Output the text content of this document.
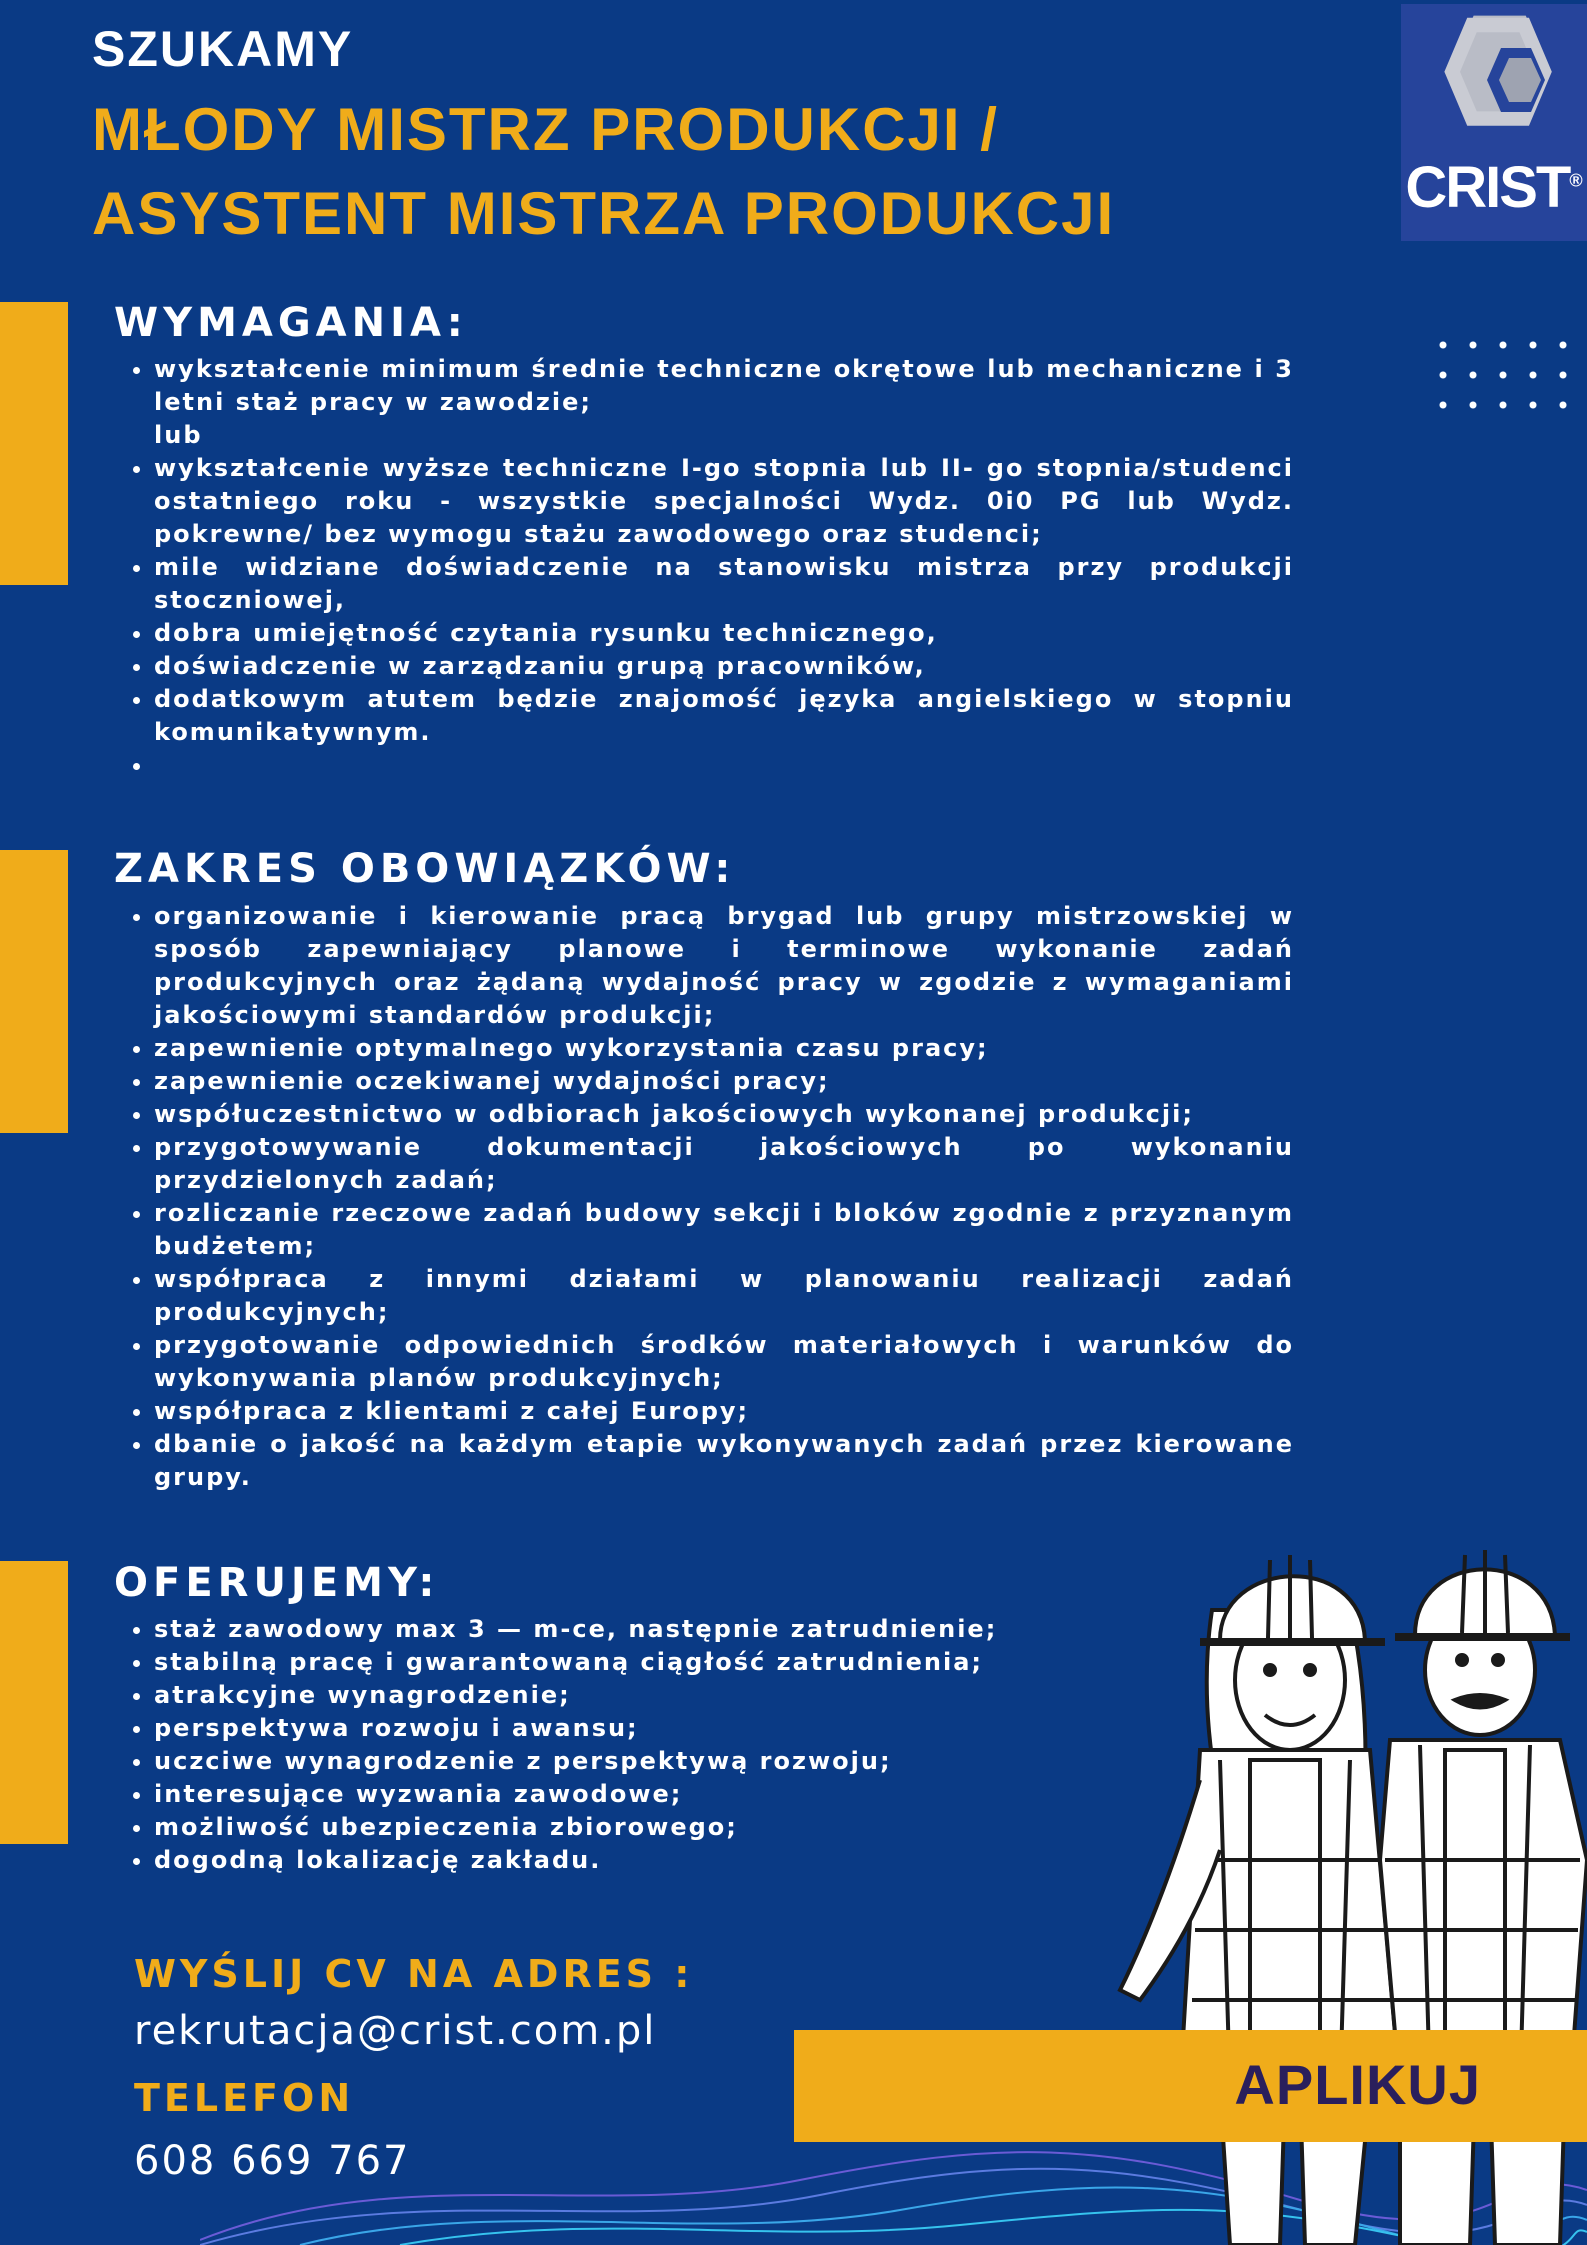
SZUKAMY
MŁODY MISTRZ PRODUKCJI /
ASYSTENT MISTRZA PRODUKCJI	CRIST®
WYMAGANIA:
• wykształcenie minimum średnie techniczne okrętowe lub mechaniczne i 3 letni staż pracy w zawodzie;
lub
• wykształcenie wyższe techniczne I-go stopnia lub II- go stopnia/studenci ostatniego roku - wszystkie specjalności Wydz. 0i0 PG lub Wydz. pokrewne/ bez wymogu stażu zawodowego oraz studenci;
• mile widziane doświadczenie na stanowisku mistrza przy produkcji stoczniowej,
• dobra umiejętność czytania rysunku technicznego,
• doświadczenie w zarządzaniu grupą pracowników,
• dodatkowym atutem będzie znajomość języka angielskiego w stopniu komunikatywnym.
•
ZAKRES OBOWIĄZKÓW:
• organizowanie i kierowanie pracą brygad lub grupy mistrzowskiej w sposób zapewniający planowe i terminowe wykonanie zadań produkcyjnych oraz żądaną wydajność pracy w zgodzie z wymaganiami jakościowymi standardów produkcji;
• zapewnienie optymalnego wykorzystania czasu pracy;
• zapewnienie oczekiwanej wydajności pracy;
• współuczestnictwo w odbiorach jakościowych wykonanej produkcji;
• przygotowywanie dokumentacji jakościowych po wykonaniu przydzielonych zadań;
• rozliczanie rzeczowe zadań budowy sekcji i bloków zgodnie z przyznanym budżetem;
• współpraca z innymi działami w planowaniu realizacji zadań produkcyjnych;
• przygotowanie odpowiednich środków materiałowych i warunków do wykonywania planów produkcyjnych;
• współpraca z klientami z całej Europy;
• dbanie o jakość na każdym etapie wykonywanych zadań przez kierowane grupy.
OFERUJEMY:
• staż zawodowy max 3 — m-ce, następnie zatrudnienie;
• stabilną pracę i gwarantowaną ciągłość zatrudnienia;
• atrakcyjne wynagrodzenie;
• perspektywa rozwoju i awansu;
• uczciwe wynagrodzenie z perspektywą rozwoju;
• interesujące wyzwania zawodowe;
• możliwość ubezpieczenia zbiorowego;
• dogodną lokalizację zakładu.
WYŚLIJ CV NA ADRES :
rekrutacja@crist.com.pl
TELEFON
608 669 767
APLIKUJ
